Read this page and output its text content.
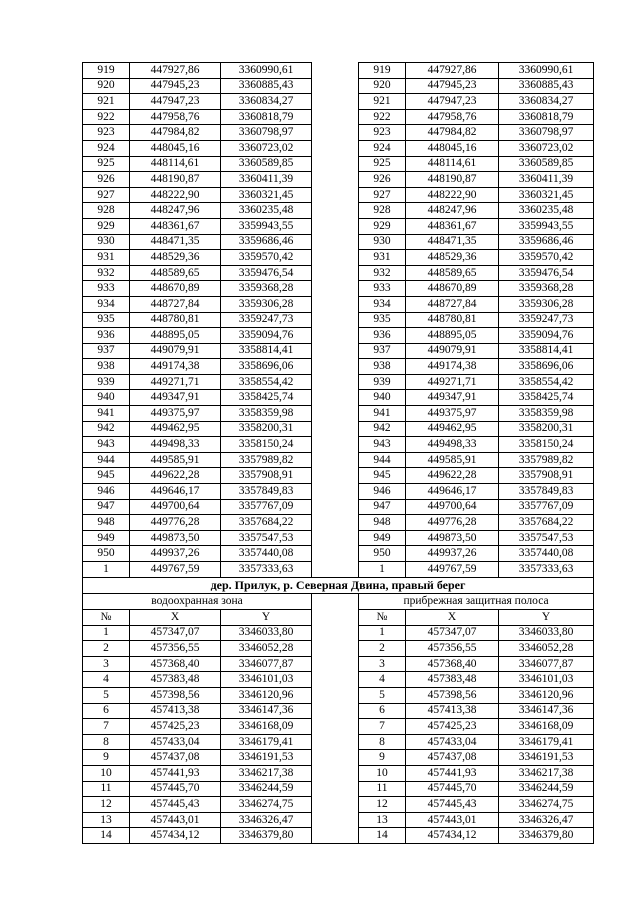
919	447927,86	3360990,61		919	447927,86	3360990,61
920	447945,23	3360885,43		920	447945,23	3360885,43
921	447947,23	3360834,27		921	447947,23	3360834,27
922	447958,76	3360818,79		922	447958,76	3360818,79
923	447984,82	3360798,97		923	447984,82	3360798,97
924	448045,16	3360723,02		924	448045,16	3360723,02
925	448114,61	3360589,85		925	448114,61	3360589,85
926	448190,87	3360411,39		926	448190,87	3360411,39
927	448222,90	3360321,45		927	448222,90	3360321,45
928	448247,96	3360235,48		928	448247,96	3360235,48
929	448361,67	3359943,55		929	448361,67	3359943,55
930	448471,35	3359686,46		930	448471,35	3359686,46
931	448529,36	3359570,42		931	448529,36	3359570,42
932	448589,65	3359476,54		932	448589,65	3359476,54
933	448670,89	3359368,28		933	448670,89	3359368,28
934	448727,84	3359306,28		934	448727,84	3359306,28
935	448780,81	3359247,73		935	448780,81	3359247,73
936	448895,05	3359094,76		936	448895,05	3359094,76
937	449079,91	3358814,41		937	449079,91	3358814,41
938	449174,38	3358696,06		938	449174,38	3358696,06
939	449271,71	3358554,42		939	449271,71	3358554,42
940	449347,91	3358425,74		940	449347,91	3358425,74
941	449375,97	3358359,98		941	449375,97	3358359,98
942	449462,95	3358200,31		942	449462,95	3358200,31
943	449498,33	3358150,24		943	449498,33	3358150,24
944	449585,91	3357989,82		944	449585,91	3357989,82
945	449622,28	3357908,91		945	449622,28	3357908,91
946	449646,17	3357849,83		946	449646,17	3357849,83
947	449700,64	3357767,09		947	449700,64	3357767,09
948	449776,28	3357684,22		948	449776,28	3357684,22
949	449873,50	3357547,53		949	449873,50	3357547,53
950	449937,26	3357440,08		950	449937,26	3357440,08
1	449767,59	3357333,63		1	449767,59	3357333,63
дер. Прилук, р. Северная Двина, правый берег						
водоохранная зона				прибрежная защитная полоса		
№	X	Y		№	X	Y
1	457347,07	3346033,80		1	457347,07	3346033,80
2	457356,55	3346052,28		2	457356,55	3346052,28
3	457368,40	3346077,87		3	457368,40	3346077,87
4	457383,48	3346101,03		4	457383,48	3346101,03
5	457398,56	3346120,96		5	457398,56	3346120,96
6	457413,38	3346147,36		6	457413,38	3346147,36
7	457425,23	3346168,09		7	457425,23	3346168,09
8	457433,04	3346179,41		8	457433,04	3346179,41
9	457437,08	3346191,53		9	457437,08	3346191,53
10	457441,93	3346217,38		10	457441,93	3346217,38
11	457445,70	3346244,59		11	457445,70	3346244,59
12	457445,43	3346274,75		12	457445,43	3346274,75
13	457443,01	3346326,47		13	457443,01	3346326,47
14	457434,12	3346379,80		14	457434,12	3346379,80
